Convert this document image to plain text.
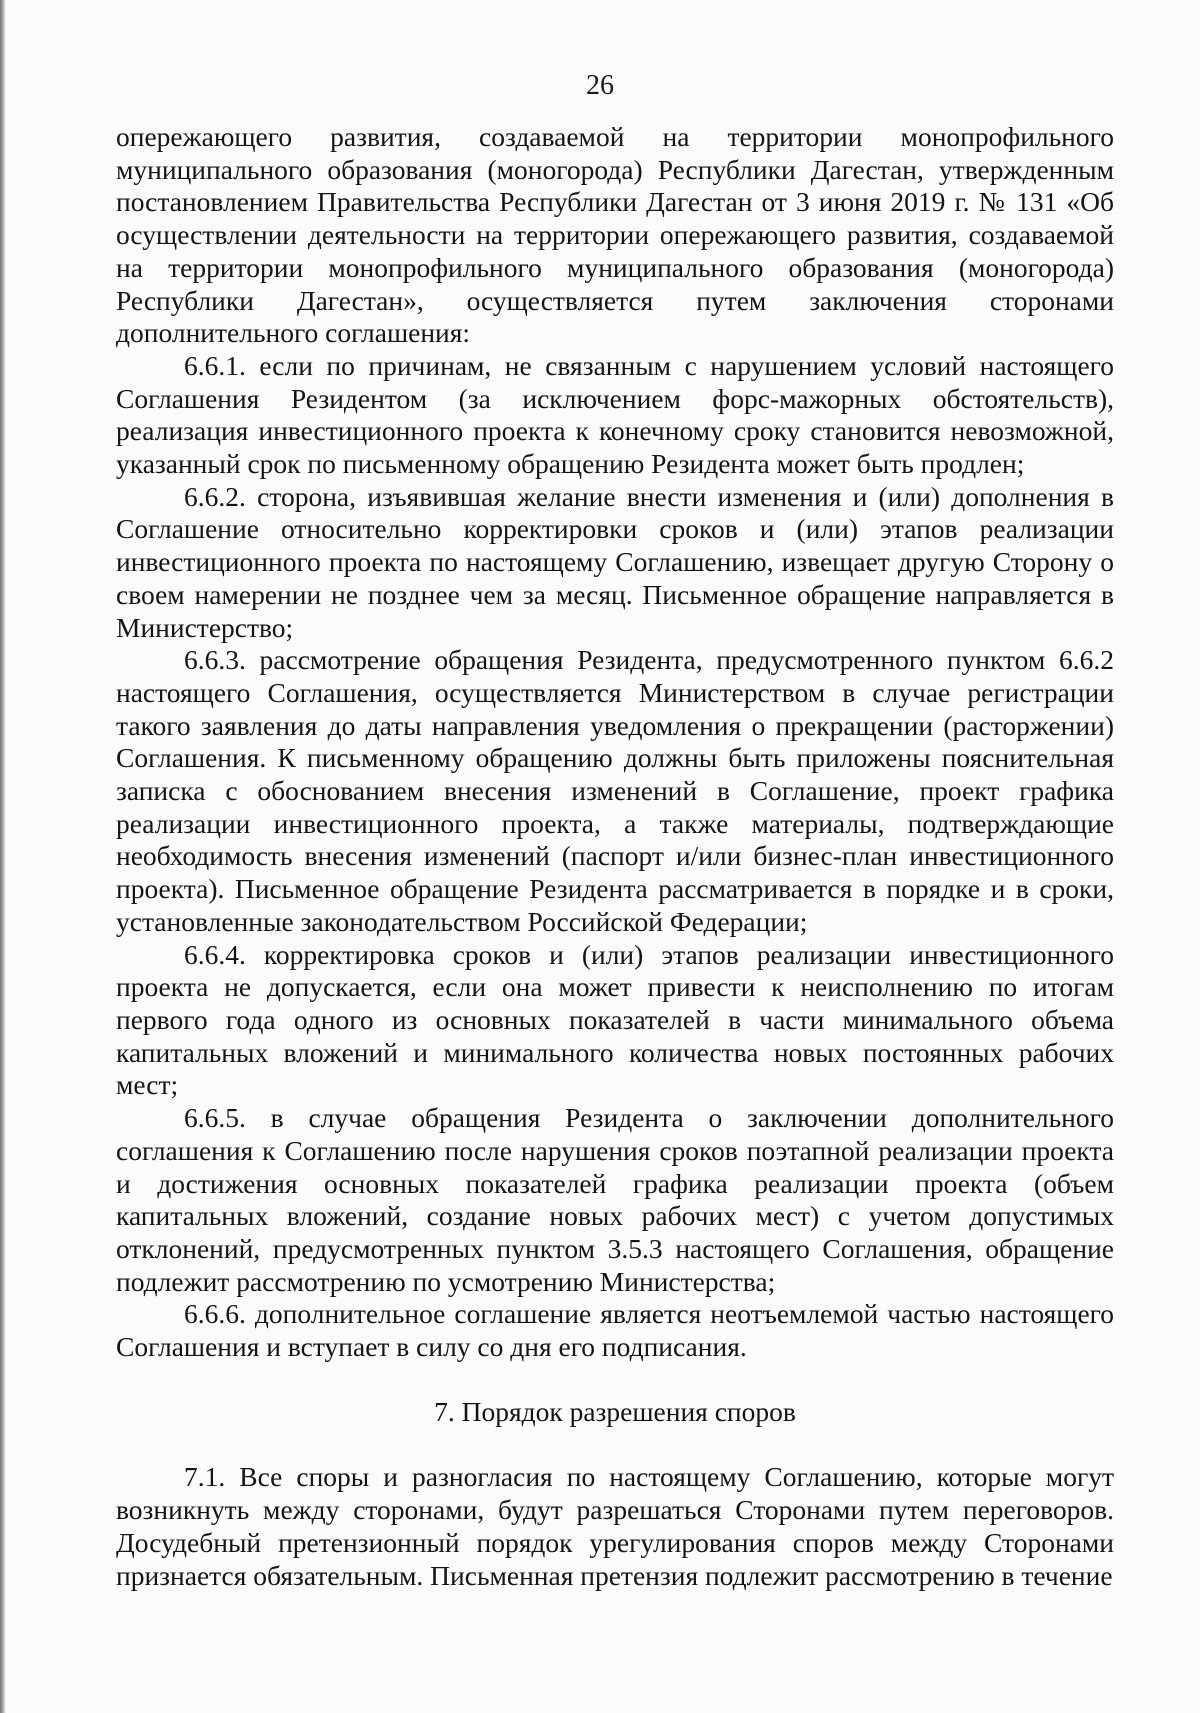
26

опережающего развития, создаваемой на территории монопрофильного муниципального образования (моногорода) Республики Дагестан, утвержденным постановлением Правительства Республики Дагестан от 3 июня 2019 г. № 131 «Об осуществлении деятельности на территории опережающего развития, создаваемой на территории монопрофильного муниципального образования (моногорода) Республики Дагестан», осуществляется путем заключения сторонами дополнительного соглашения:

6.6.1. если по причинам, не связанным с нарушением условий настоящего Соглашения Резидентом (за исключением форс-мажорных обстоятельств), реализация инвестиционного проекта к конечному сроку становится невозможной, указанный срок по письменному обращению Резидента может быть продлен;

6.6.2. сторона, изъявившая желание внести изменения и (или) дополнения в Соглашение относительно корректировки сроков и (или) этапов реализации инвестиционного проекта по настоящему Соглашению, извещает другую Сторону о своем намерении не позднее чем за месяц. Письменное обращение направляется в Министерство;

6.6.3. рассмотрение обращения Резидента, предусмотренного пунктом 6.6.2 настоящего Соглашения, осуществляется Министерством в случае регистрации такого заявления до даты направления уведомления о прекращении (расторжении) Соглашения. К письменному обращению должны быть приложены пояснительная записка с обоснованием внесения изменений в Соглашение, проект графика реализации инвестиционного проекта, а также материалы, подтверждающие необходимость внесения изменений (паспорт и/или бизнес-план инвестиционного проекта). Письменное обращение Резидента рассматривается в порядке и в сроки, установленные законодательством Российской Федерации;

6.6.4. корректировка сроков и (или) этапов реализации инвестиционного проекта не допускается, если она может привести к неисполнению по итогам первого года одного из основных показателей в части минимального объема капитальных вложений и минимального количества новых постоянных рабочих мест;

6.6.5. в случае обращения Резидента о заключении дополнительного соглашения к Соглашению после нарушения сроков поэтапной реализации проекта и достижения основных показателей графика реализации проекта (объем капитальных вложений, создание новых рабочих мест) с учетом допустимых отклонений, предусмотренных пунктом 3.5.3 настоящего Соглашения, обращение подлежит рассмотрению по усмотрению Министерства;

6.6.6. дополнительное соглашение является неотъемлемой частью настоящего Соглашения и вступает в силу со дня его подписания.

7. Порядок разрешения споров

7.1. Все споры и разногласия по настоящему Соглашению, которые могут возникнуть между сторонами, будут разрешаться Сторонами путем переговоров. Досудебный претензионный порядок урегулирования споров между Сторонами признается обязательным. Письменная претензия подлежит рассмотрению в течение
